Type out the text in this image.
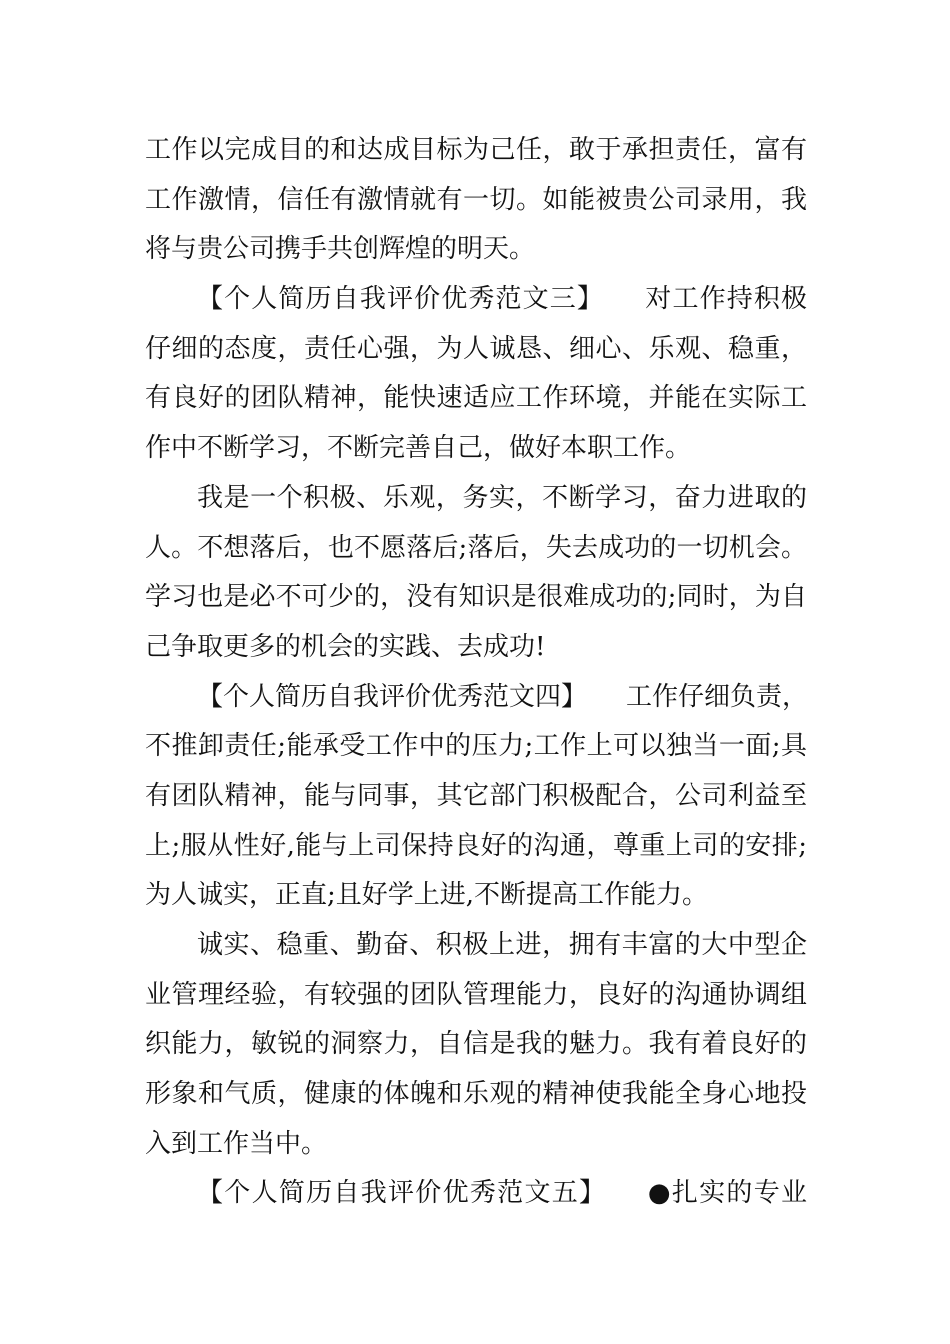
工作以完成目的和达成目标为己任，敢于承担责任，富有
工作激情，信任有激情就有一切。如能被贵公司录用，我
将与贵公司携手共创辉煌的明天。
【个人简历自我评价优秀范文三】　　对工作持积极
仔细的态度，责任心强，为人诚恳、细心、乐观、稳重，
有良好的团队精神，能快速适应工作环境，并能在实际工
作中不断学习，不断完善自己，做好本职工作。
我是一个积极、乐观，务实，不断学习，奋力进取的
人。不想落后，也不愿落后;落后，失去成功的一切机会。
学习也是必不可少的，没有知识是很难成功的;同时，为自
己争取更多的机会的实践、去成功!
【个人简历自我评价优秀范文四】　　工作仔细负责，
不推卸责任;能承受工作中的压力;工作上可以独当一面;具
有团队精神，能与同事，其它部门积极配合，公司利益至
上;服从性好,能与上司保持良好的沟通，尊重上司的安排;
为人诚实，正直;且好学上进,不断提高工作能力。
诚实、稳重、勤奋、积极上进，拥有丰富的大中型企
业管理经验，有较强的团队管理能力，良好的沟通协调组
织能力，敏锐的洞察力，自信是我的魅力。我有着良好的
形象和气质，健康的体魄和乐观的精神使我能全身心地投
入到工作当中。
【个人简历自我评价优秀范文五】　　●扎实的专业
